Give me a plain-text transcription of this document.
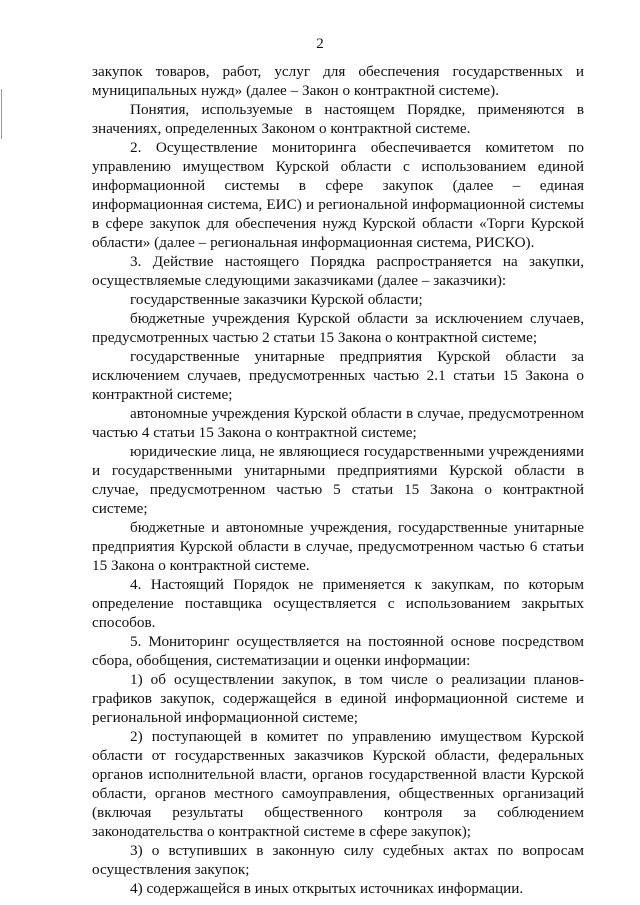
2

закупок товаров, работ, услуг для обеспечения государственных и муниципальных нужд» (далее – Закон о контрактной системе).

Понятия, используемые в настоящем Порядке, применяются в значениях, определенных Законом о контрактной системе.

2. Осуществление мониторинга обеспечивается комитетом по управлению имуществом Курской области с использованием единой информационной системы в сфере закупок (далее – единая информационная система, ЕИС) и региональной информационной системы в сфере закупок для обеспечения нужд Курской области «Торги Курской области» (далее – региональная информационная система, РИСКО).

3. Действие настоящего Порядка распространяется на закупки, осуществляемые следующими заказчиками (далее – заказчики):

государственные заказчики Курской области;

бюджетные учреждения Курской области за исключением случаев, предусмотренных частью 2 статьи 15 Закона о контрактной системе;

государственные унитарные предприятия Курской области за исключением случаев, предусмотренных частью 2.1 статьи 15 Закона о контрактной системе;

автономные учреждения Курской области в случае, предусмотренном частью 4 статьи 15 Закона о контрактной системе;

юридические лица, не являющиеся государственными учреждениями и государственными унитарными предприятиями Курской области в случае, предусмотренном частью 5 статьи 15 Закона о контрактной системе;

бюджетные и автономные учреждения, государственные унитарные предприятия Курской области в случае, предусмотренном частью 6 статьи 15 Закона о контрактной системе.

4. Настоящий Порядок не применяется к закупкам, по которым определение поставщика осуществляется с использованием закрытых способов.

5. Мониторинг осуществляется на постоянной основе посредством сбора, обобщения, систематизации и оценки информации:

1) об осуществлении закупок, в том числе о реализации планов-графиков закупок, содержащейся в единой информационной системе и региональной информационной системе;

2) поступающей в комитет по управлению имуществом Курской области от государственных заказчиков Курской области, федеральных органов исполнительной власти, органов государственной власти Курской области, органов местного самоуправления, общественных организаций (включая результаты общественного контроля за соблюдением законодательства о контрактной системе в сфере закупок);

3) о вступивших в законную силу судебных актах по вопросам осуществления закупок;

4) содержащейся в иных открытых источниках информации.
